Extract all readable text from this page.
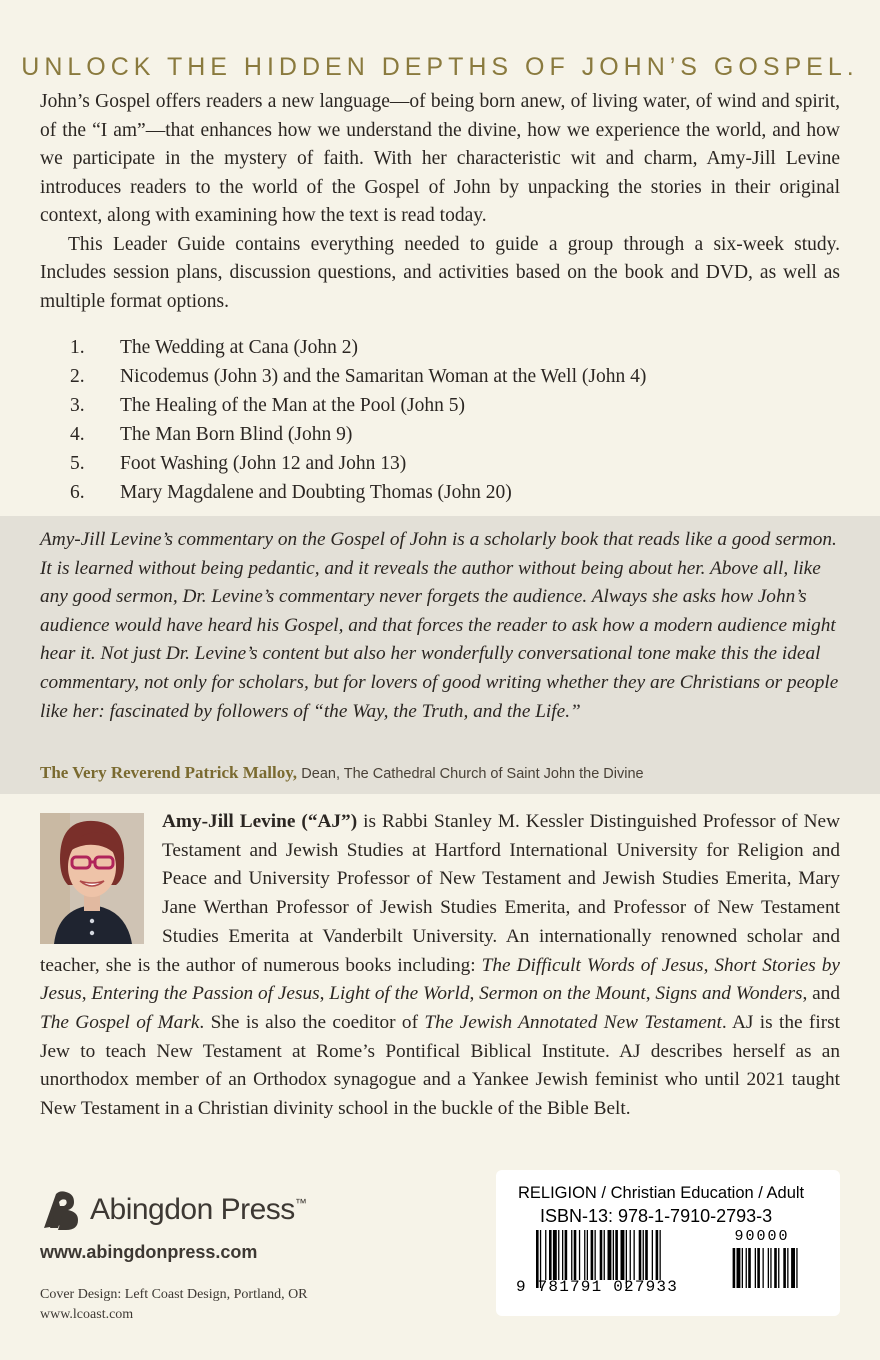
UNLOCK THE HIDDEN DEPTHS OF JOHN’S GOSPEL.

John’s Gospel offers readers a new language—of being born anew, of living water, of wind and spirit, of the “I am”—that enhances how we understand the divine, how we experience the world, and how we participate in the mystery of faith. With her characteristic wit and charm, Amy-Jill Levine introduces readers to the world of the Gospel of John by unpacking the stories in their original context, along with examining how the text is read today.

This Leader Guide contains everything needed to guide a group through a six-week study. Includes session plans, discussion questions, and activities based on the book and DVD, as well as multiple format options.

1.	The Wedding at Cana (John 2)
2.	Nicodemus (John 3) and the Samaritan Woman at the Well (John 4)
3.	The Healing of the Man at the Pool (John 5)
4.	The Man Born Blind (John 9)
5.	Foot Washing (John 12 and John 13)
6.	Mary Magdalene and Doubting Thomas (John 20)
Amy-Jill Levine’s commentary on the Gospel of John is a scholarly book that reads like a good sermon. It is learned without being pedantic, and it reveals the author without being about her. Above all, like any good sermon, Dr. Levine’s commentary never forgets the audience. Always she asks how John’s audience would have heard his Gospel, and that forces the reader to ask how a modern audience might hear it. Not just Dr. Levine’s content but also her wonderfully conversational tone make this the ideal commentary, not only for scholars, but for lovers of good writing whether they are Christians or people like her: fascinated by followers of “the Way, the Truth, and the Life.”
The Very Reverend Patrick Malloy, Dean, The Cathedral Church of Saint John the Divine
Amy-Jill Levine (“AJ”) is Rabbi Stanley M. Kessler Distinguished Professor of New Testament and Jewish Studies at Hartford International University for Religion and Peace and University Professor of New Testament and Jewish Studies Emerita, Mary Jane Werthan Professor of Jewish Studies Emerita, and Professor of New Testament Studies Emerita at Vanderbilt University. An internationally renowned scholar and teacher, she is the author of numerous books including: The Difficult Words of Jesus, Short Stories by Jesus, Entering the Passion of Jesus, Light of the World, Sermon on the Mount, Signs and Wonders, and The Gospel of Mark. She is also the coeditor of The Jewish Annotated New Testament. AJ is the first Jew to teach New Testament at Rome’s Pontifical Biblical Institute. AJ describes herself as an unorthodox member of an Orthodox synagogue and a Yankee Jewish feminist who until 2021 taught New Testament in a Christian divinity school in the buckle of the Bible Belt.
Abingdon Press ™
www.abingdonpress.com
Cover Design: Left Coast Design, Portland, OR
www.lcoast.com
RELIGION / Christian Education / Adult
ISBN-13: 978-1-7910-2793-3
90000
9 781791 027933
